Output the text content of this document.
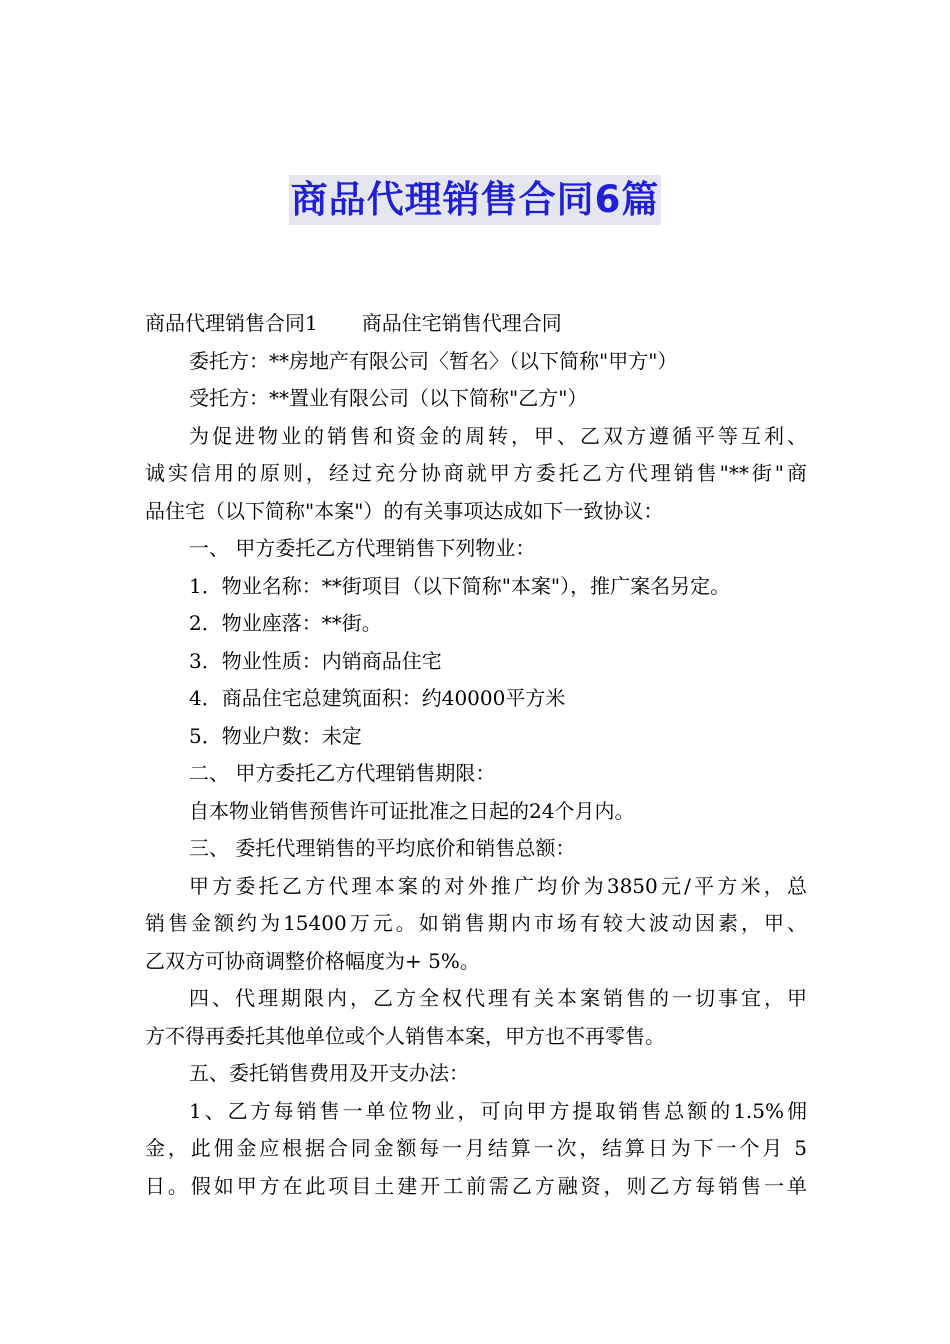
商品代理销售合同6篇
商品代理销售合同1 商品住宅销售代理合同
委托方：**房地产有限公司〈暂名〉（以下简称"甲方"）
受托方：**置业有限公司（以下简称"乙方"）
为促进物业的销售和资金的周转，甲、乙双方遵循平等互利、
诚实信用的原则，经过充分协商就甲方委托乙方代理销售"**街"商
品住宅（以下简称"本案"）的有关事项达成如下一致协议：
一、 甲方委托乙方代理销售下列物业：
1．物业名称：**街项目（以下简称"本案"），推广案名另定。
2．物业座落：**街。
3．物业性质：内销商品住宅
4．商品住宅总建筑面积：约40000平方米
5．物业户数：未定
二、 甲方委托乙方代理销售期限：
自本物业销售预售许可证批准之日起的24个月内。
三、 委托代理销售的平均底价和销售总额：
甲方委托乙方代理本案的对外推广均价为3850元/平方米，总
销售金额约为15400万元。如销售期内市场有较大波动因素，甲、
乙双方可协商调整价格幅度为+ 5%。
四、代理期限内，乙方全权代理有关本案销售的一切事宜，甲
方不得再委托其他单位或个人销售本案，甲方也不再零售。
五、委托销售费用及开支办法：
1、乙方每销售一单位物业，可向甲方提取销售总额的1.5%佣
金，此佣金应根据合同金额每一月结算一次，结算日为下一个月 5
日。假如甲方在此项目土建开工前需乙方融资，则乙方每销售一单
